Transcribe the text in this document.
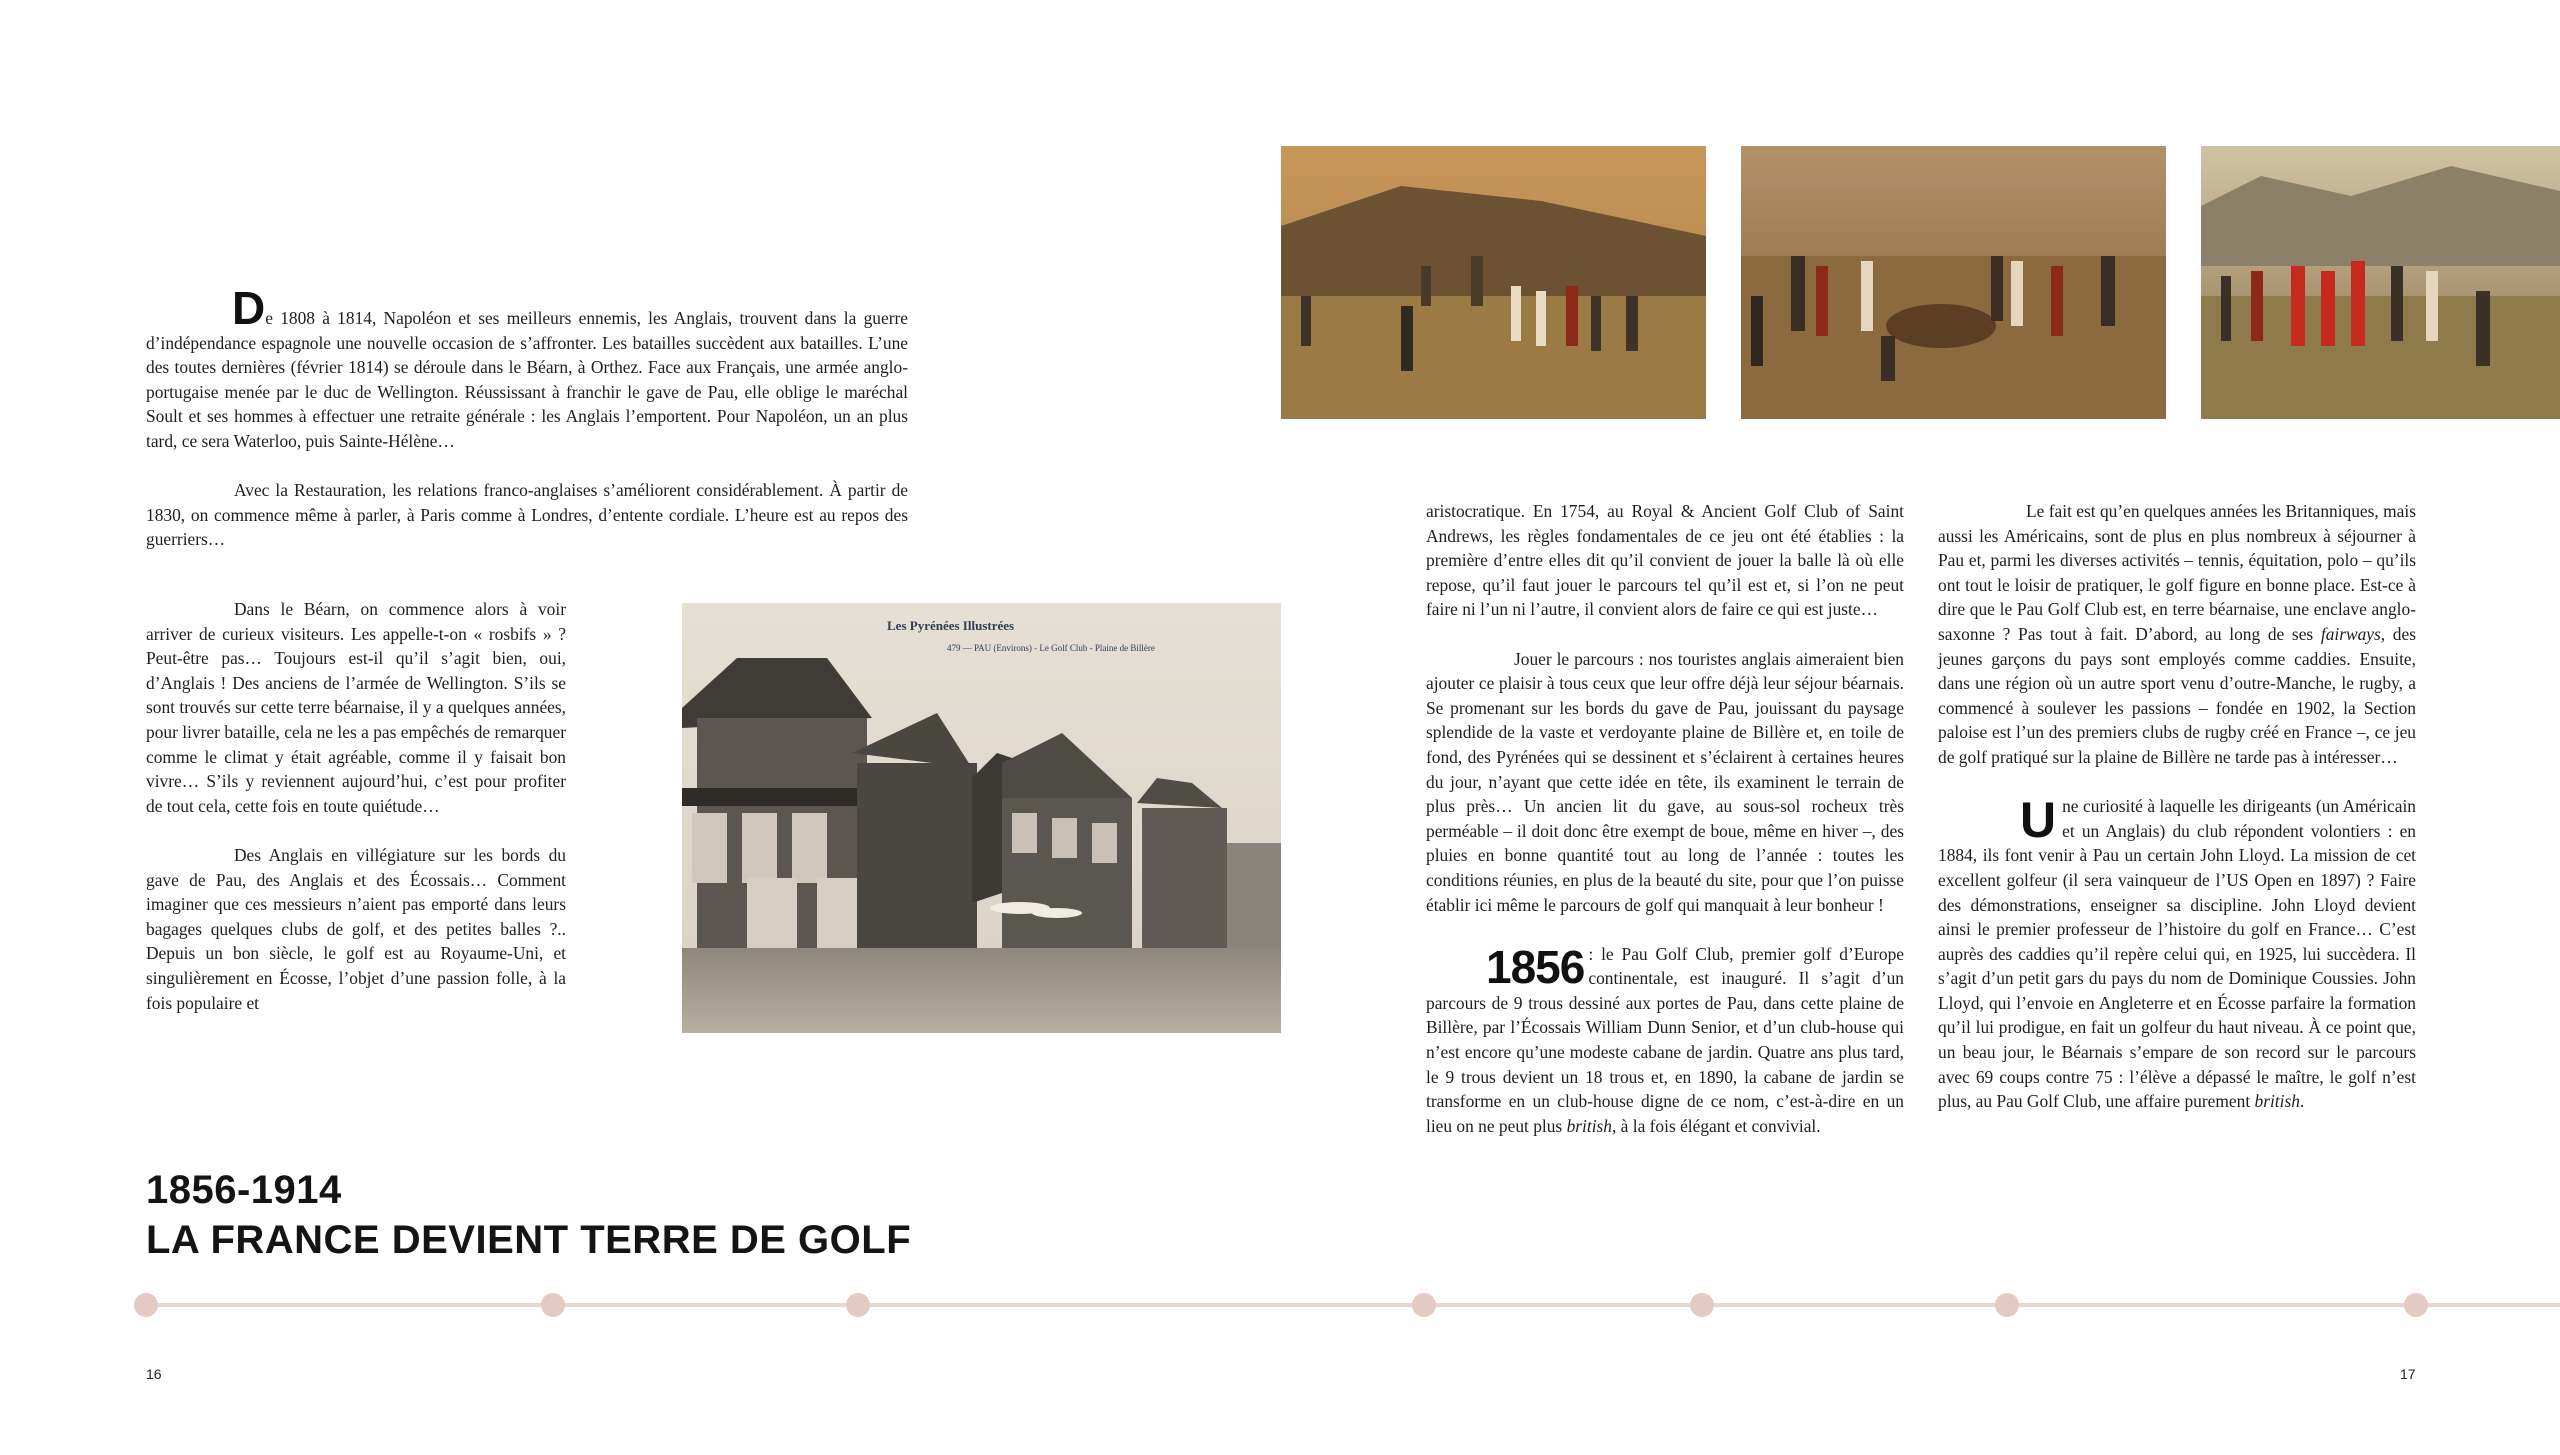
De 1808 à 1814, Napoléon et ses meilleurs ennemis, les Anglais, trouvent dans la guerre d’indépendance espagnole une nouvelle occasion de s’affronter. Les batailles succèdent aux batailles. L’une des toutes dernières (février 1814) se déroule dans le Béarn, à Orthez. Face aux Français, une armée anglo-portugaise menée par le duc de Wellington. Réussissant à franchir le gave de Pau, elle oblige le maréchal Soult et ses hommes à effectuer une retraite générale : les Anglais l’emportent. Pour Napoléon, un an plus tard, ce sera Waterloo, puis Sainte-Hélène…

Avec la Restauration, les relations franco-anglaises s’améliorent considérablement. À partir de 1830, on commence même à parler, à Paris comme à Londres, d’entente cordiale. L’heure est au repos des guerriers…

Dans le Béarn, on commence alors à voir arriver de curieux visiteurs. Les appelle-t-on « rosbifs » ? Peut-être pas… Toujours est-il qu’il s’agit bien, oui, d’Anglais ! Des anciens de l’armée de Wellington. S’ils se sont trouvés sur cette terre béarnaise, il y a quelques années, pour livrer bataille, cela ne les a pas empêchés de remarquer comme le climat y était agréable, comme il y faisait bon vivre… S’ils y reviennent aujourd’hui, c’est pour profiter de tout cela, cette fois en toute quiétude…

Des Anglais en villégiature sur les bords du gave de Pau, des Anglais et des Écossais… Comment imaginer que ces messieurs n’aient pas emporté dans leurs bagages quelques clubs de golf, et des petites balles ?.. Depuis un bon siècle, le golf est au Royaume-Uni, et singulièrement en Écosse, l’objet d’une passion folle, à la fois populaire et

Les Pyrénées Illustrées
479 — PAU (Environs) - Le Golf Club - Plaine de Billère
1856-1914
LA FRANCE DEVIENT TERRE DE GOLF

aristocratique. En 1754, au Royal & Ancient Golf Club of Saint Andrews, les règles fondamentales de ce jeu ont été établies : la première d’entre elles dit qu’il convient de jouer la balle là où elle repose, qu’il faut jouer le parcours tel qu’il est et, si l’on ne peut faire ni l’un ni l’autre, il convient alors de faire ce qui est juste…

Jouer le parcours : nos touristes anglais aimeraient bien ajouter ce plaisir à tous ceux que leur offre déjà leur séjour béarnais. Se promenant sur les bords du gave de Pau, jouissant du paysage splendide de la vaste et verdoyante plaine de Billère et, en toile de fond, des Pyrénées qui se dessinent et s’éclairent à certaines heures du jour, n’ayant que cette idée en tête, ils examinent le terrain de plus près… Un ancien lit du gave, au sous-sol rocheux très perméable – il doit donc être exempt de boue, même en hiver –, des pluies en bonne quantité tout au long de l’année : toutes les conditions réunies, en plus de la beauté du site, pour que l’on puisse établir ici même le parcours de golf qui manquait à leur bonheur !

1856 : le Pau Golf Club, premier golf d’Europe continentale, est inauguré. Il s’agit d’un parcours de 9 trous dessiné aux portes de Pau, dans cette plaine de Billère, par l’Écossais William Dunn Senior, et d’un club-house qui n’est encore qu’une modeste cabane de jardin. Quatre ans plus tard, le 9 trous devient un 18 trous et, en 1890, la cabane de jardin se transforme en un club-house digne de ce nom, c’est-à-dire en un lieu on ne peut plus british, à la fois élégant et convivial.

Le fait est qu’en quelques années les Britanniques, mais aussi les Américains, sont de plus en plus nombreux à séjourner à Pau et, parmi les diverses activités – tennis, équitation, polo – qu’ils ont tout le loisir de pratiquer, le golf figure en bonne place. Est-ce à dire que le Pau Golf Club est, en terre béarnaise, une enclave anglo-saxonne ? Pas tout à fait. D’abord, au long de ses fairways, des jeunes garçons du pays sont employés comme caddies. Ensuite, dans une région où un autre sport venu d’outre-Manche, le rugby, a commencé à soulever les passions – fondée en 1902, la Section paloise est l’un des premiers clubs de rugby créé en France –, ce jeu de golf pratiqué sur la plaine de Billère ne tarde pas à intéresser…

Une curiosité à laquelle les dirigeants (un Américain et un Anglais) du club répondent volontiers : en 1884, ils font venir à Pau un certain John Lloyd. La mission de cet excellent golfeur (il sera vainqueur de l’US Open en 1897) ? Faire des démonstrations, enseigner sa discipline. John Lloyd devient ainsi le premier professeur de l’histoire du golf en France… C’est auprès des caddies qu’il repère celui qui, en 1925, lui succèdera. Il s’agit d’un petit gars du pays du nom de Dominique Coussies. John Lloyd, qui l’envoie en Angleterre et en Écosse parfaire la formation qu’il lui prodigue, en fait un golfeur du haut niveau. À ce point que, un beau jour, le Béarnais s’empare de son record sur le parcours avec 69 coups contre 75 : l’élève a dépassé le maître, le golf n’est plus, au Pau Golf Club, une affaire purement british.

16	17
